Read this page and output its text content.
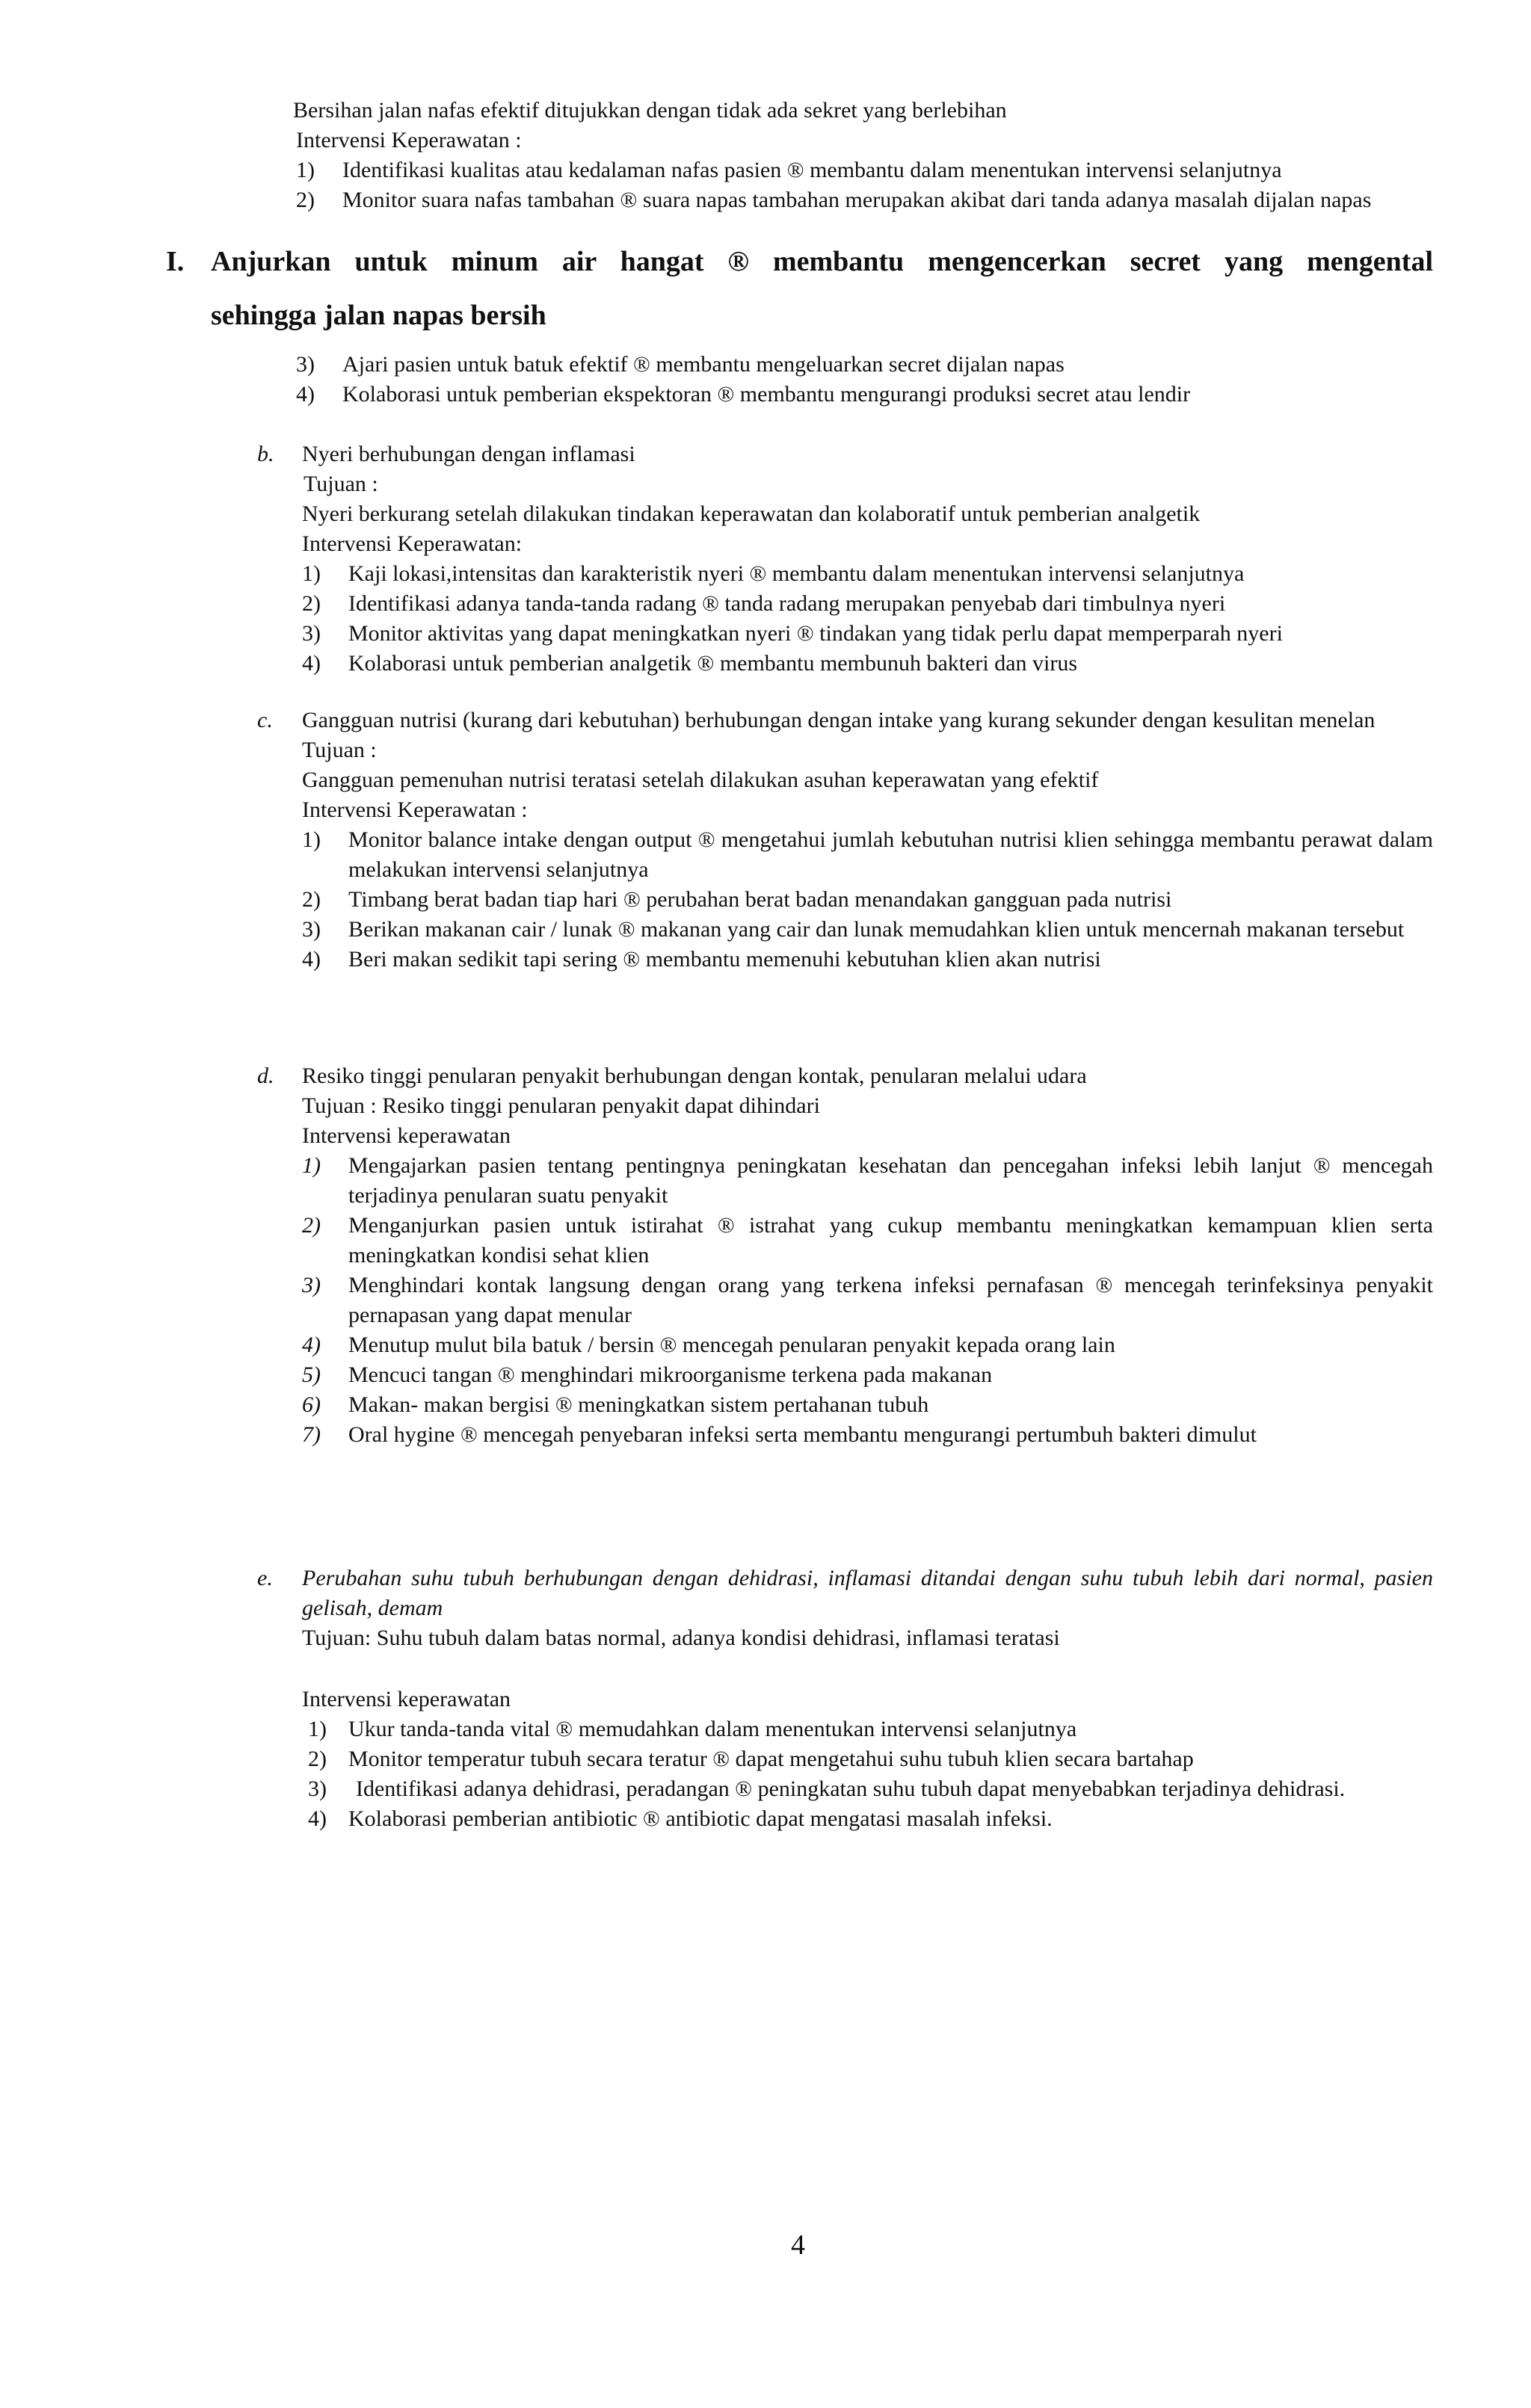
Bersihan jalan nafas efektif ditujukkan dengan tidak ada sekret yang berlebihan
Intervensi Keperawatan :
1) Identifikasi kualitas atau kedalaman nafas pasien ® membantu dalam menentukan intervensi selanjutnya
2) Monitor suara nafas tambahan ® suara napas tambahan merupakan akibat dari tanda adanya masalah dijalan napas
I. Anjurkan untuk minum air hangat ® membantu mengencerkan secret yang mengental
sehingga jalan napas bersih
3) Ajari pasien untuk batuk efektif ® membantu mengeluarkan secret dijalan napas
4) Kolaborasi untuk pemberian ekspektoran ® membantu mengurangi produksi secret atau lendir
b. Nyeri berhubungan dengan inflamasi
Tujuan :
Nyeri berkurang setelah dilakukan tindakan keperawatan dan kolaboratif untuk pemberian analgetik
Intervensi Keperawatan:
1) Kaji lokasi,intensitas dan karakteristik nyeri ® membantu dalam menentukan intervensi selanjutnya
2) Identifikasi adanya tanda-tanda radang ® tanda radang merupakan penyebab dari timbulnya nyeri
3) Monitor aktivitas yang dapat meningkatkan nyeri ® tindakan yang tidak perlu dapat memperparah nyeri
4) Kolaborasi untuk pemberian analgetik ® membantu membunuh bakteri dan virus
c. Gangguan nutrisi (kurang dari kebutuhan) berhubungan dengan intake yang kurang sekunder dengan kesulitan menelan
Tujuan :
Gangguan pemenuhan nutrisi teratasi setelah dilakukan asuhan keperawatan yang efektif
Intervensi Keperawatan :
1) Monitor balance intake dengan output ® mengetahui jumlah kebutuhan nutrisi klien sehingga membantu perawat dalam melakukan intervensi selanjutnya
2) Timbang berat badan tiap hari ® perubahan berat badan menandakan gangguan pada nutrisi
3) Berikan makanan cair / lunak ® makanan yang cair dan lunak memudahkan klien untuk mencernah makanan tersebut
4) Beri makan sedikit tapi sering ® membantu memenuhi kebutuhan klien akan nutrisi
d. Resiko tinggi penularan penyakit berhubungan dengan kontak, penularan melalui udara
Tujuan : Resiko tinggi penularan penyakit dapat dihindari
Intervensi keperawatan
1) Mengajarkan pasien tentang pentingnya peningkatan kesehatan dan pencegahan infeksi lebih lanjut ® mencegah terjadinya penularan suatu penyakit
2) Menganjurkan pasien untuk istirahat ® istrahat yang cukup membantu meningkatkan kemampuan klien serta meningkatkan kondisi sehat klien
3) Menghindari kontak langsung dengan orang yang terkena infeksi pernafasan ® mencegah terinfeksinya penyakit pernapasan yang dapat menular
4) Menutup mulut bila batuk / bersin ® mencegah penularan penyakit kepada orang lain
5) Mencuci tangan ® menghindari mikroorganisme terkena pada makanan
6) Makan- makan bergisi ® meningkatkan sistem pertahanan tubuh
7) Oral hygine ® mencegah penyebaran infeksi serta membantu mengurangi pertumbuh bakteri dimulut
e. Perubahan suhu tubuh berhubungan dengan dehidrasi, inflamasi ditandai dengan suhu tubuh lebih dari normal, pasien gelisah, demam
Tujuan: Suhu tubuh dalam batas normal, adanya kondisi dehidrasi, inflamasi teratasi
Intervensi keperawatan
1) Ukur tanda-tanda vital ® memudahkan dalam menentukan intervensi selanjutnya
2) Monitor temperatur tubuh secara teratur ® dapat mengetahui suhu tubuh klien secara bartahap
3) Identifikasi adanya dehidrasi, peradangan ® peningkatan suhu tubuh dapat menyebabkan terjadinya dehidrasi.
4) Kolaborasi pemberian antibiotic ® antibiotic dapat mengatasi masalah infeksi.
4
